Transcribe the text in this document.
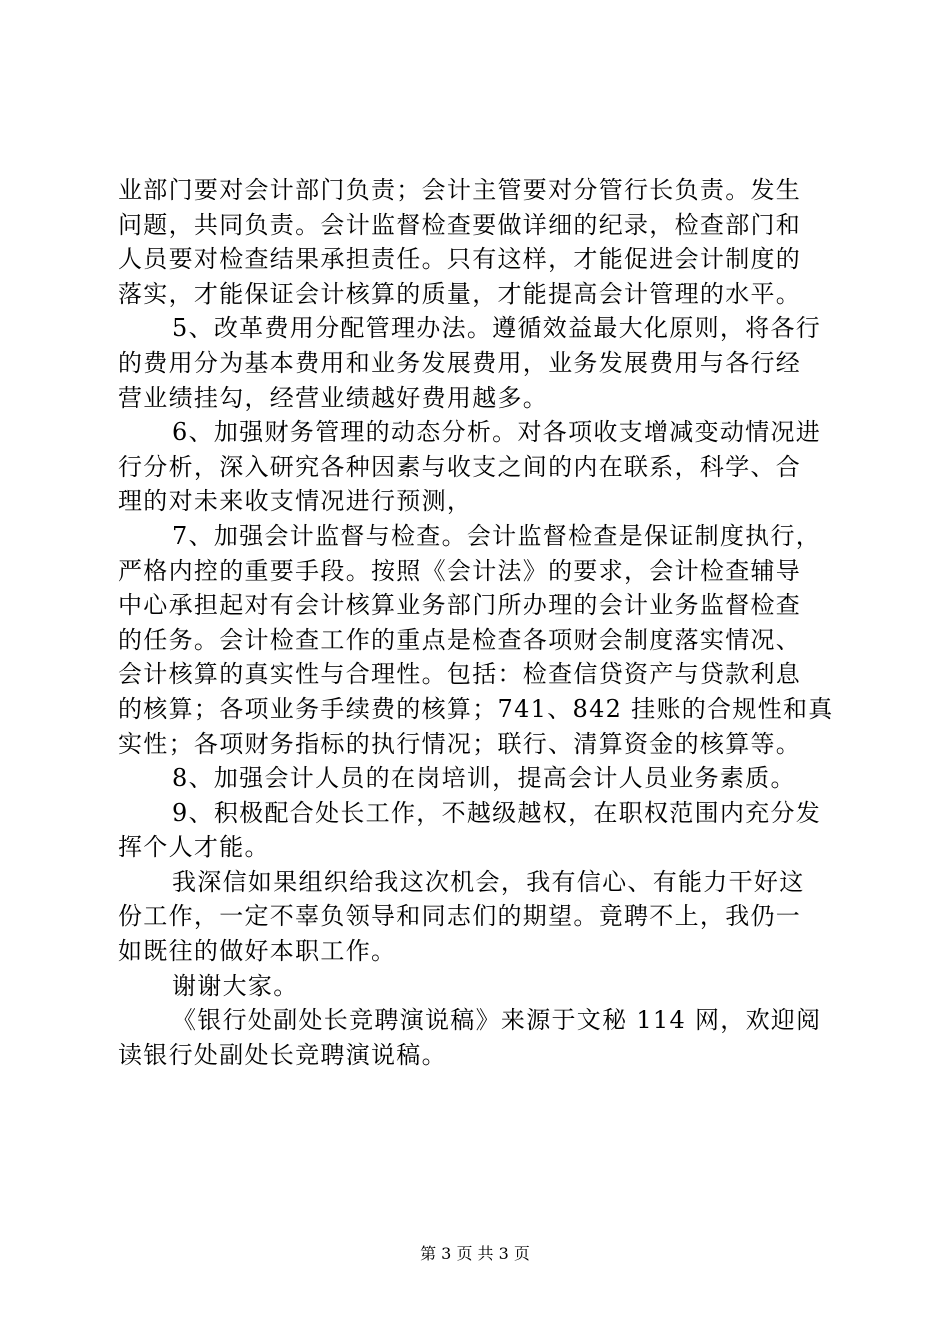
业部门要对会计部门负责；会计主管要对分管行长负责。发生
问题，共同负责。会计监督检查要做详细的纪录，检查部门和
人员要对检查结果承担责任。只有这样，才能促进会计制度的
落实，才能保证会计核算的质量，才能提高会计管理的水平。
5、改革费用分配管理办法。遵循效益最大化原则，将各行
的费用分为基本费用和业务发展费用，业务发展费用与各行经
营业绩挂勾，经营业绩越好费用越多。
6、加强财务管理的动态分析。对各项收支增减变动情况进
行分析，深入研究各种因素与收支之间的内在联系，科学、合
理的对未来收支情况进行预测，
7、加强会计监督与检查。会计监督检查是保证制度执行，
严格内控的重要手段。按照《会计法》的要求，会计检查辅导
中心承担起对有会计核算业务部门所办理的会计业务监督检查
的任务。会计检查工作的重点是检查各项财会制度落实情况、
会计核算的真实性与合理性。包括：检查信贷资产与贷款利息
的核算；各项业务手续费的核算；741、842 挂账的合规性和真
实性；各项财务指标的执行情况；联行、清算资金的核算等。
8、加强会计人员的在岗培训，提高会计人员业务素质。
9、积极配合处长工作，不越级越权，在职权范围内充分发
挥个人才能。
我深信如果组织给我这次机会，我有信心、有能力干好这
份工作，一定不辜负领导和同志们的期望。竟聘不上，我仍一
如既往的做好本职工作。
谢谢大家。
《银行处副处长竞聘演说稿》来源于文秘 114 网，欢迎阅
读银行处副处长竞聘演说稿。
第 3 页 共 3 页
